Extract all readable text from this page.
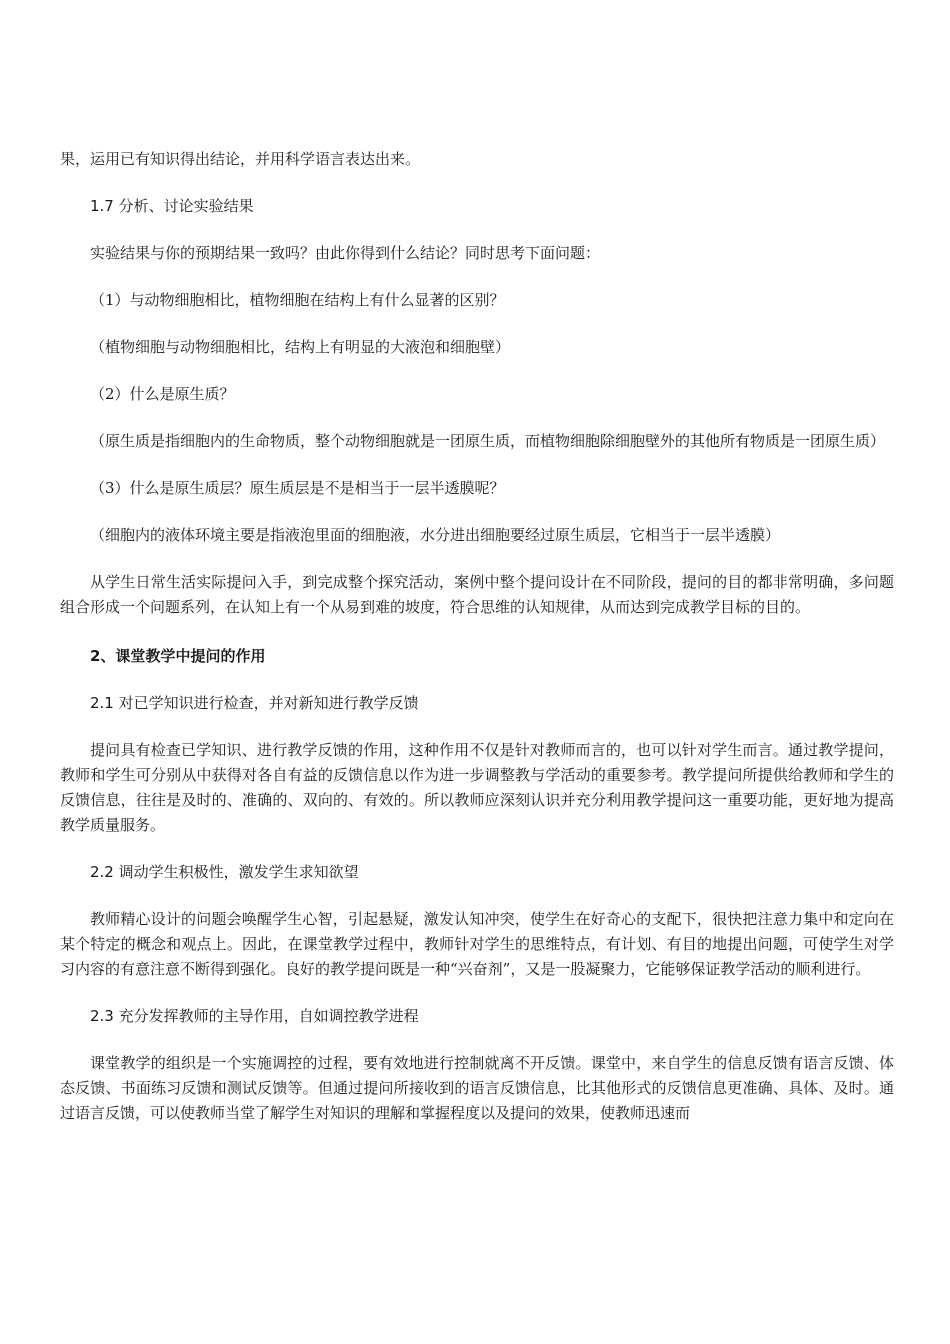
果，运用已有知识得出结论，并用科学语言表达出来。

1.7 分析、讨论实验结果

实验结果与你的预期结果一致吗？由此你得到什么结论？同时思考下面问题：

（1）与动物细胞相比，植物细胞在结构上有什么显著的区别？

（植物细胞与动物细胞相比，结构上有明显的大液泡和细胞壁）

（2）什么是原生质？

（原生质是指细胞内的生命物质，整个动物细胞就是一团原生质，而植物细胞除细胞壁外的其他所有物质是一团原生质）

（3）什么是原生质层？原生质层是不是相当于一层半透膜呢？

（细胞内的液体环境主要是指液泡里面的细胞液，水分进出细胞要经过原生质层，它相当于一层半透膜）

从学生日常生活实际提问入手，到完成整个探究活动，案例中整个提问设计在不同阶段，提问的目的都非常明确，多问题组合形成一个问题系列，在认知上有一个从易到难的坡度，符合思维的认知规律，从而达到完成教学目标的目的。

2、课堂教学中提问的作用

2.1 对已学知识进行检查，并对新知进行教学反馈

提问具有检查已学知识、进行教学反馈的作用，这种作用不仅是针对教师而言的，也可以针对学生而言。通过教学提问，教师和学生可分别从中获得对各自有益的反馈信息以作为进一步调整教与学活动的重要参考。教学提问所提供给教师和学生的反馈信息，往往是及时的、准确的、双向的、有效的。所以教师应深刻认识并充分利用教学提问这一重要功能，更好地为提高教学质量服务。

2.2 调动学生积极性，激发学生求知欲望

教师精心设计的问题会唤醒学生心智，引起悬疑，激发认知冲突，使学生在好奇心的支配下，很快把注意力集中和定向在某个特定的概念和观点上。因此，在课堂教学过程中，教师针对学生的思维特点，有计划、有目的地提出问题，可使学生对学习内容的有意注意不断得到强化。良好的教学提问既是一种“兴奋剂”，又是一股凝聚力，它能够保证教学活动的顺利进行。

2.3 充分发挥教师的主导作用，自如调控教学进程

课堂教学的组织是一个实施调控的过程，要有效地进行控制就离不开反馈。课堂中，来自学生的信息反馈有语言反馈、体态反馈、书面练习反馈和测试反馈等。但通过提问所接收到的语言反馈信息，比其他形式的反馈信息更准确、具体、及时。通过语言反馈，可以使教师当堂了解学生对知识的理解和掌握程度以及提问的效果，使教师迅速而
